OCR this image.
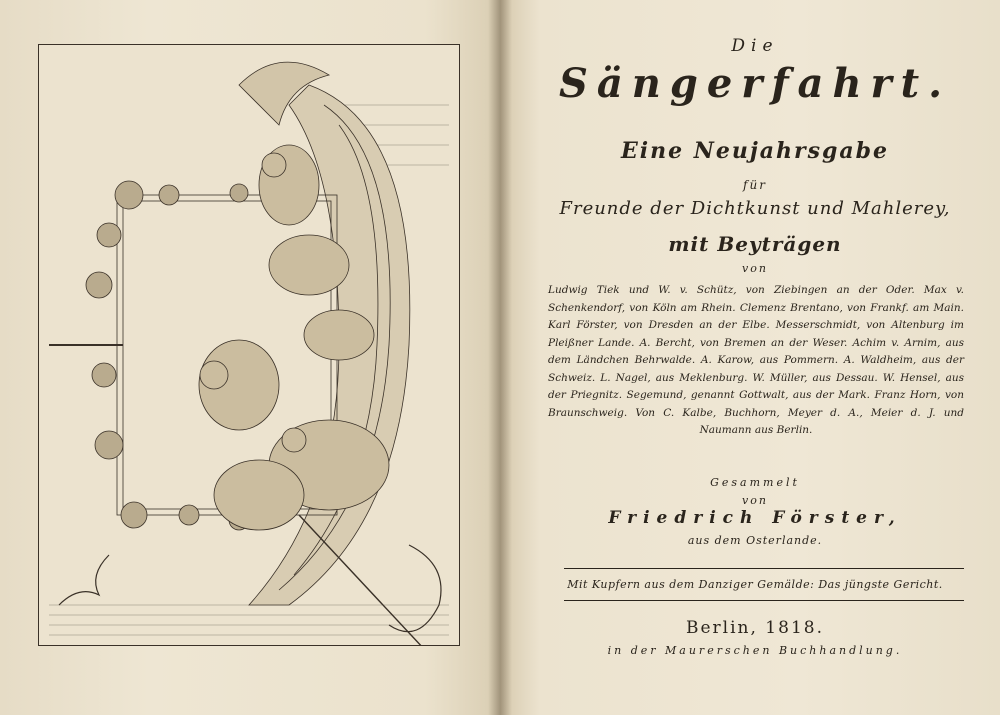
Die
Sängerfahrt.
Eine Neujahrsgabe
für
Freunde der Dichtkunst und Mahlerey,
mit Beyträgen
von
Ludwig Tiek und W. v. Schütz, von Ziebingen an der Oder. Max v. Schenkendorf, von Köln am Rhein. Clemenz Brentano, von Frankf. am Main. Karl Förster, von Dresden an der Elbe. Messerschmidt, von Altenburg im Pleißner Lande. A. Bercht, von Bremen an der Weser. Achim v. Arnim, aus dem Ländchen Behrwalde. A. Karow, aus Pommern. A. Waldheim, aus der Schweiz. L. Nagel, aus Meklenburg. W. Müller, aus Dessau. W. Hensel, aus der Priegnitz. Segemund, genannt Gottwalt, aus der Mark. Franz Horn, von Braunschweig. Von C. Kalbe, Buchhorn, Meyer d. A., Meier d. J. und Naumann aus Berlin.
Gesammelt
von
Friedrich Förster,
aus dem Osterlande.
Mit Kupfern aus dem Danziger Gemälde: Das jüngste Gericht.
Berlin, 1818.
in der Maurerschen Buchhandlung.
